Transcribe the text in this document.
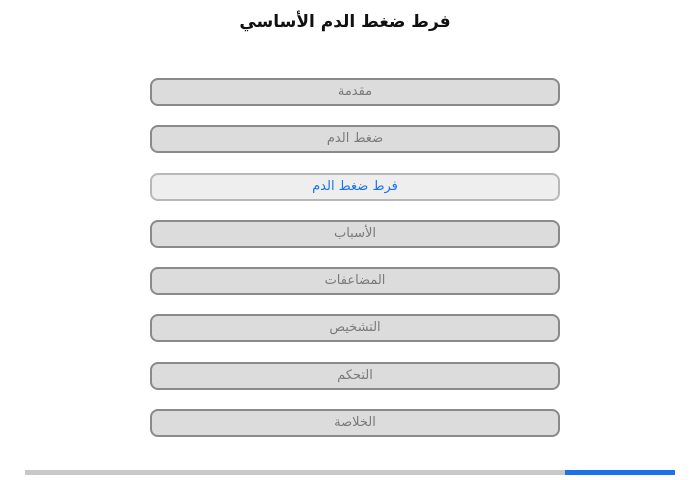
فرط ضغط الدم الأساسي
مقدمة
ضغط الدم
فرط ضغط الدم
الأسباب
المضاعفات
التشخيص
التحكم
الخلاصة
